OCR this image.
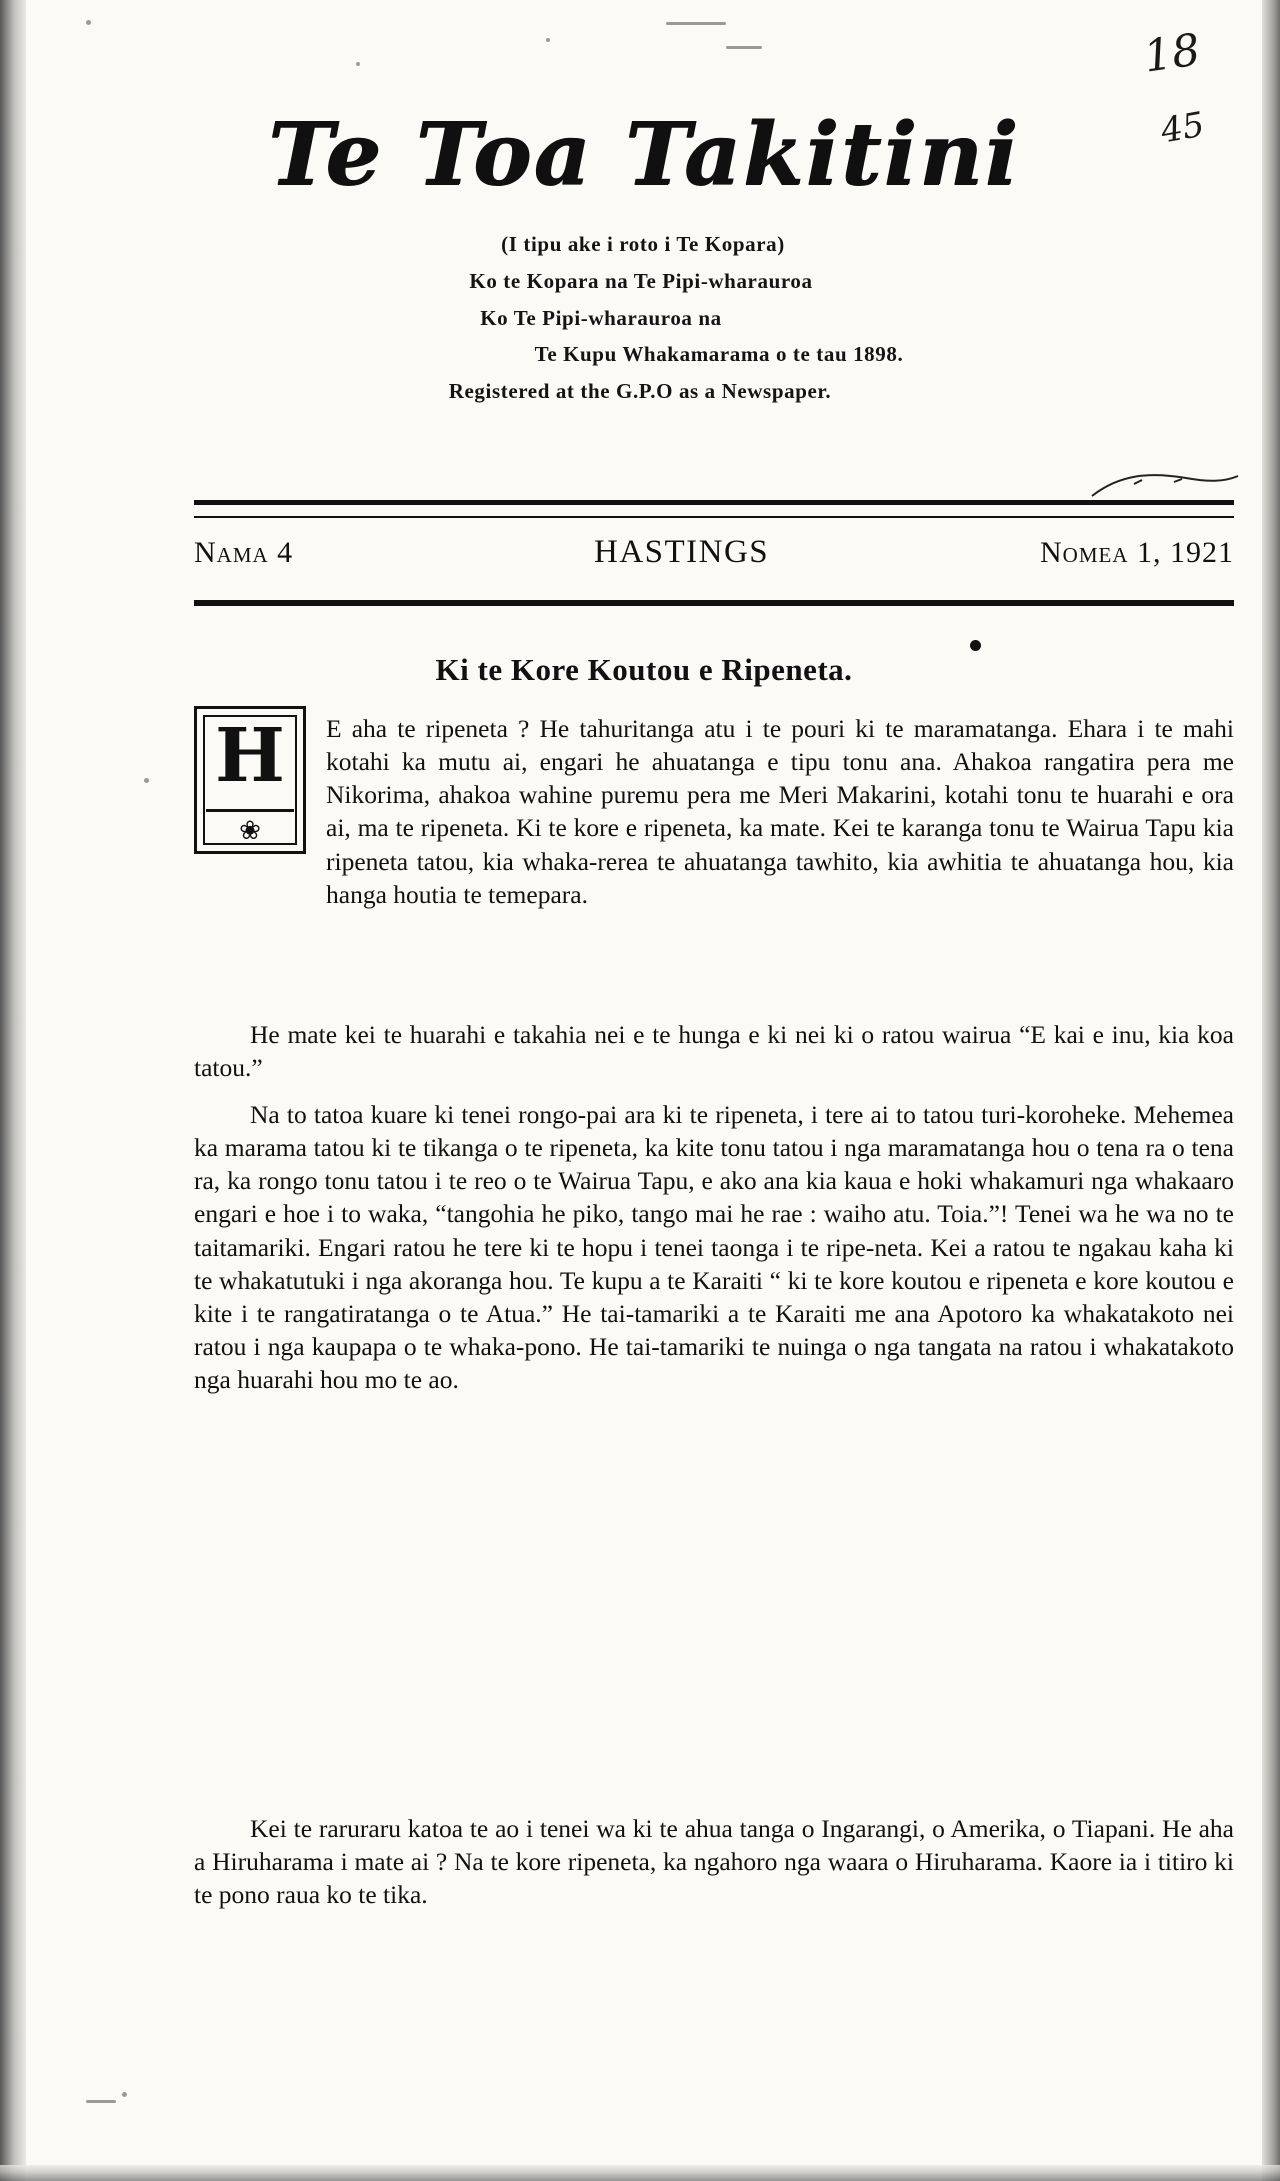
18
45
Te Toa Takitini
(I tipu ake i roto i Te Kopara)
Ko te Kopara na Te Pipi-wharauroa
Ko Te Pipi-wharauroa na
Te Kupu Whakamarama o te tau 1898.
Registered at the G.P.O as a Newspaper.
Nama 4	HASTINGS	Nomea 1, 1921
Ki te Kore Koutou e Ripeneta.
H
❀
E aha te ripeneta ? He tahuritanga atu i te pouri ki te maramatanga. Ehara i te mahi kotahi ka mutu ai, engari he ahuatanga e tipu tonu ana. Ahakoa rangatira pera me Nikorima, ahakoa wahine puremu pera me Meri Makarini, kotahi tonu te huarahi e ora ai, ma te ripeneta. Ki te kore e ripeneta, ka mate. Kei te karanga tonu te Wairua Tapu kia ripeneta tatou, kia whaka-rerea te ahuatanga tawhito, kia awhitia te ahuatanga hou, kia hanga houtia te temepara.
He mate kei te huarahi e takahia nei e te hunga e ki nei ki o ratou wairua “E kai e inu, kia koa tatou.”
Na to tatoa kuare ki tenei rongo-pai ara ki te ripeneta, i tere ai to tatou turi-koroheke. Mehemea ka marama tatou ki te tikanga o te ripeneta, ka kite tonu tatou i nga maramatanga hou o tena ra o tena ra, ka rongo tonu tatou i te reo o te Wairua Tapu, e ako ana kia kaua e hoki whakamuri nga whakaaro engari e hoe i to waka, “tangohia he piko, tango mai he rae : waiho atu. Toia.”! Tenei wa he wa no te taitamariki. Engari ratou he tere ki te hopu i tenei taonga i te ripe-neta. Kei a ratou te ngakau kaha ki te whakatutuki i nga akoranga hou. Te kupu a te Karaiti “ ki te kore koutou e ripeneta e kore koutou e kite i te rangatiratanga o te Atua.” He tai-tamariki a te Karaiti me ana Apotoro ka whakatakoto nei ratou i nga kaupapa o te whaka-pono. He tai-tamariki te nuinga o nga tangata na ratou i whakatakoto nga huarahi hou mo te ao.
Kei te raruraru katoa te ao i tenei wa ki te ahua tanga o Ingarangi, o Amerika, o Tiapani. He aha a Hiruharama i mate ai ? Na te kore ripeneta, ka ngahoro nga waara o Hiruharama. Kaore ia i titiro ki te pono raua ko te tika.
